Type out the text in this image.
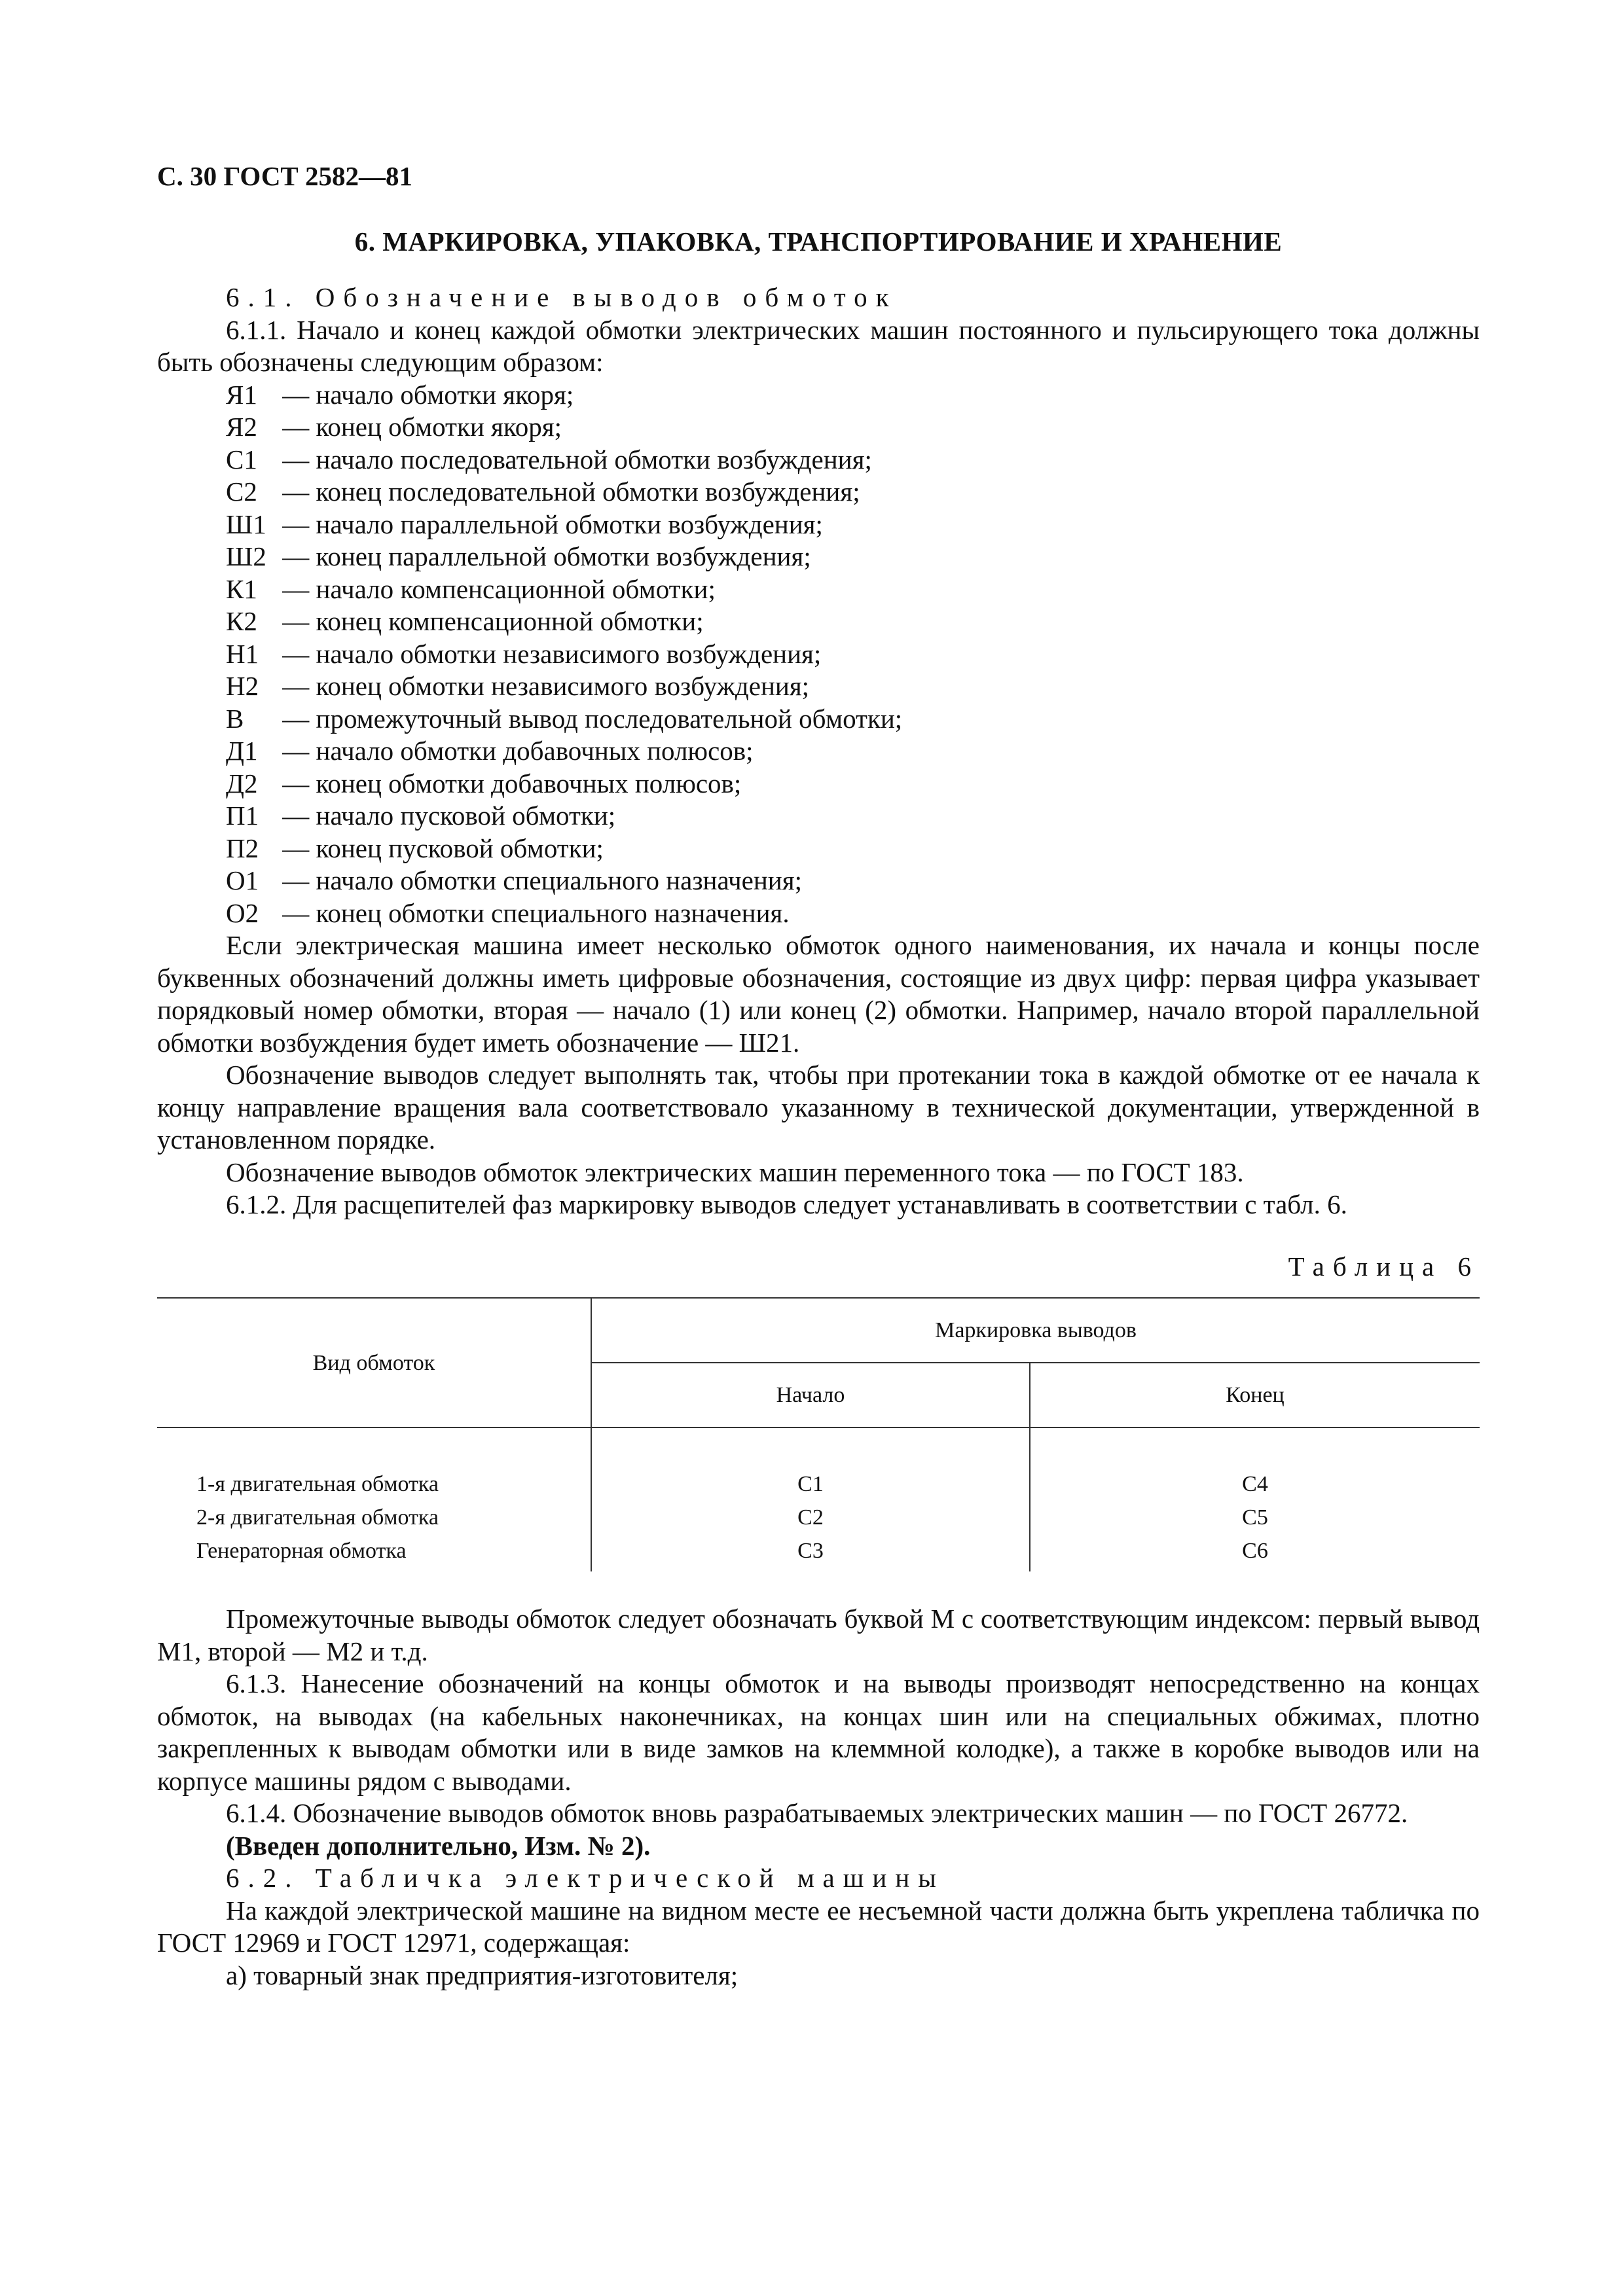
С. 30 ГОСТ 2582—81
6. МАРКИРОВКА, УПАКОВКА, ТРАНСПОРТИРОВАНИЕ И ХРАНЕНИЕ

6.1. Обозначение выводов обмоток

6.1.1. Начало и конец каждой обмотки электрических машин постоянного и пульсирующего тока должны быть обозначены следующим образом:

Я1 — начало обмотки якоря;
Я2 — конец обмотки якоря;
С1 — начало последовательной обмотки возбуждения;
С2 — конец последовательной обмотки возбуждения;
Ш1 — начало параллельной обмотки возбуждения;
Ш2 — конец параллельной обмотки возбуждения;
К1 — начало компенсационной обмотки;
К2 — конец компенсационной обмотки;
Н1 — начало обмотки независимого возбуждения;
Н2 — конец обмотки независимого возбуждения;
В — промежуточный вывод последовательной обмотки;
Д1 — начало обмотки добавочных полюсов;
Д2 — конец обмотки добавочных полюсов;
П1 — начало пусковой обмотки;
П2 — конец пусковой обмотки;
О1 — начало обмотки специального назначения;
О2 — конец обмотки специального назначения.

Если электрическая машина имеет несколько обмоток одного наименования, их начала и концы после буквенных обозначений должны иметь цифровые обозначения, состоящие из двух цифр: первая цифра указывает порядковый номер обмотки, вторая — начало (1) или конец (2) обмотки. Например, начало второй параллельной обмотки возбуждения будет иметь обозначение — Ш21.

Обозначение выводов следует выполнять так, чтобы при протекании тока в каждой обмотке от ее начала к концу направление вращения вала соответствовало указанному в технической документации, утвержденной в установленном порядке.

Обозначение выводов обмоток электрических машин переменного тока — по ГОСТ 183.

6.1.2. Для расщепителей фаз маркировку выводов следует устанавливать в соответствии с табл. 6.

Таблица 6

Вид обмоток	Маркировка выводов	
	Начало	Конец
1-я двигательная обмотка	С1	С4
2-я двигательная обмотка	С2	С5
Генераторная обмотка	С3	С6

Промежуточные выводы обмоток следует обозначать буквой М с соответствующим индексом: первый вывод М1, второй — М2 и т.д.

6.1.3. Нанесение обозначений на концы обмоток и на выводы производят непосредственно на концах обмоток, на выводах (на кабельных наконечниках, на концах шин или на специальных обжимах, плотно закрепленных к выводам обмотки или в виде замков на клеммной колодке), а также в коробке выводов или на корпусе машины рядом с выводами.

6.1.4. Обозначение выводов обмоток вновь разрабатываемых электрических машин — по ГОСТ 26772.

(Введен дополнительно, Изм. № 2).

6.2. Табличка электрической машины

На каждой электрической машине на видном месте ее несъемной части должна быть укреплена табличка по ГОСТ 12969 и ГОСТ 12971, содержащая:

а) товарный знак предприятия-изготовителя;
